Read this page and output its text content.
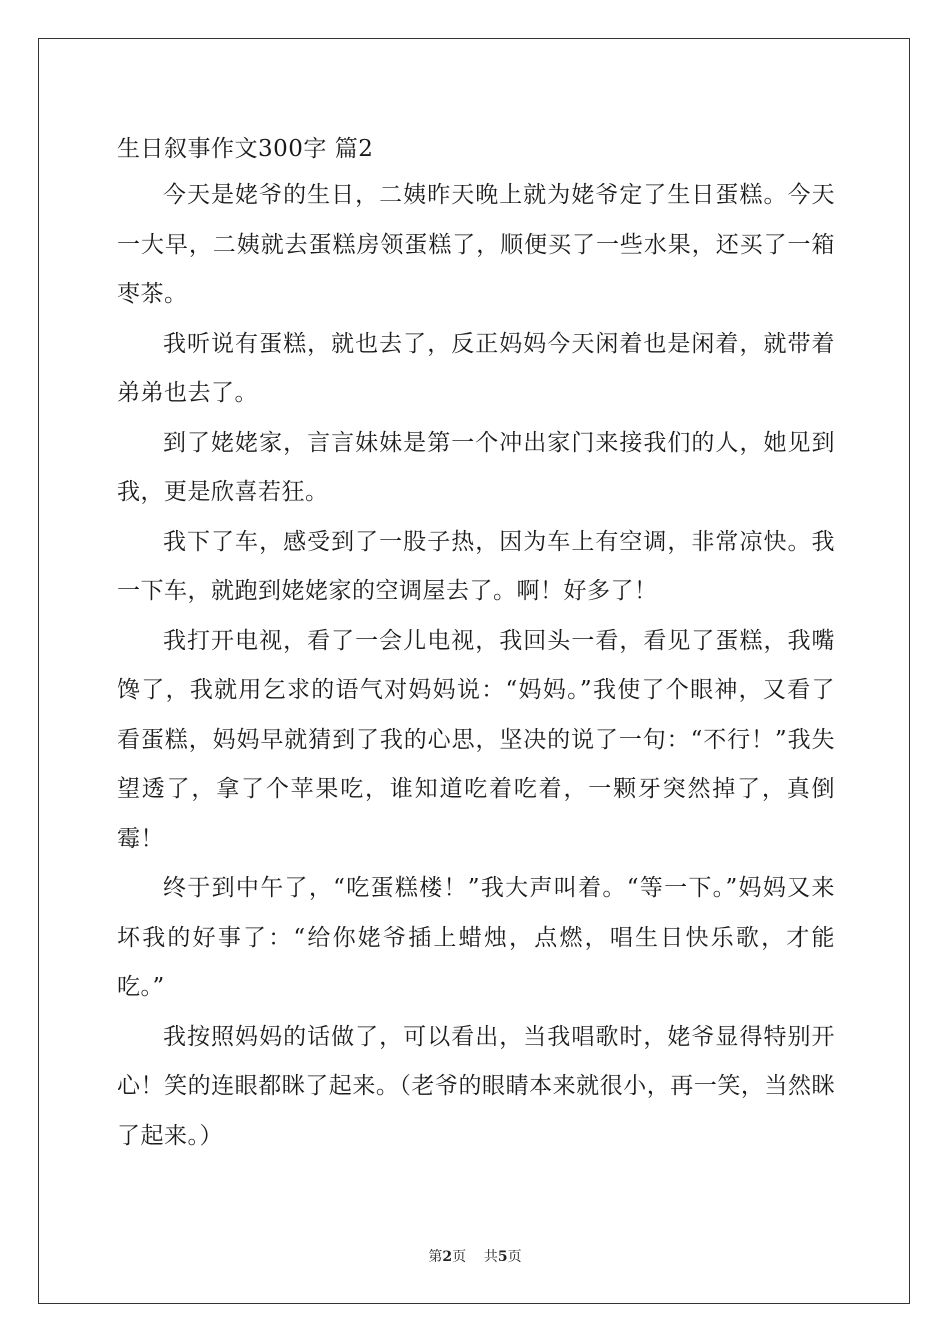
生日叙事作文300字 篇2

今天是姥爷的生日，二姨昨天晚上就为姥爷定了生日蛋糕。今天一大早，二姨就去蛋糕房领蛋糕了，顺便买了一些水果，还买了一箱枣茶。

我听说有蛋糕，就也去了，反正妈妈今天闲着也是闲着，就带着弟弟也去了。

到了姥姥家，言言妹妹是第一个冲出家门来接我们的人，她见到我，更是欣喜若狂。

我下了车，感受到了一股子热，因为车上有空调，非常凉快。我一下车，就跑到姥姥家的空调屋去了。啊！好多了！

我打开电视，看了一会儿电视，我回头一看，看见了蛋糕，我嘴馋了，我就用乞求的语气对妈妈说：“妈妈。”我使了个眼神，又看了看蛋糕，妈妈早就猜到了我的心思，坚决的说了一句：“不行！”我失望透了，拿了个苹果吃，谁知道吃着吃着，一颗牙突然掉了，真倒霉！

终于到中午了，“吃蛋糕楼！”我大声叫着。“等一下。”妈妈又来坏我的好事了：“给你姥爷插上蜡烛，点燃，唱生日快乐歌，才能吃。”

我按照妈妈的话做了，可以看出，当我唱歌时，姥爷显得特别开心！笑的连眼都眯了起来。（老爷的眼睛本来就很小，再一笑，当然眯了起来。）

第2页 共5页
